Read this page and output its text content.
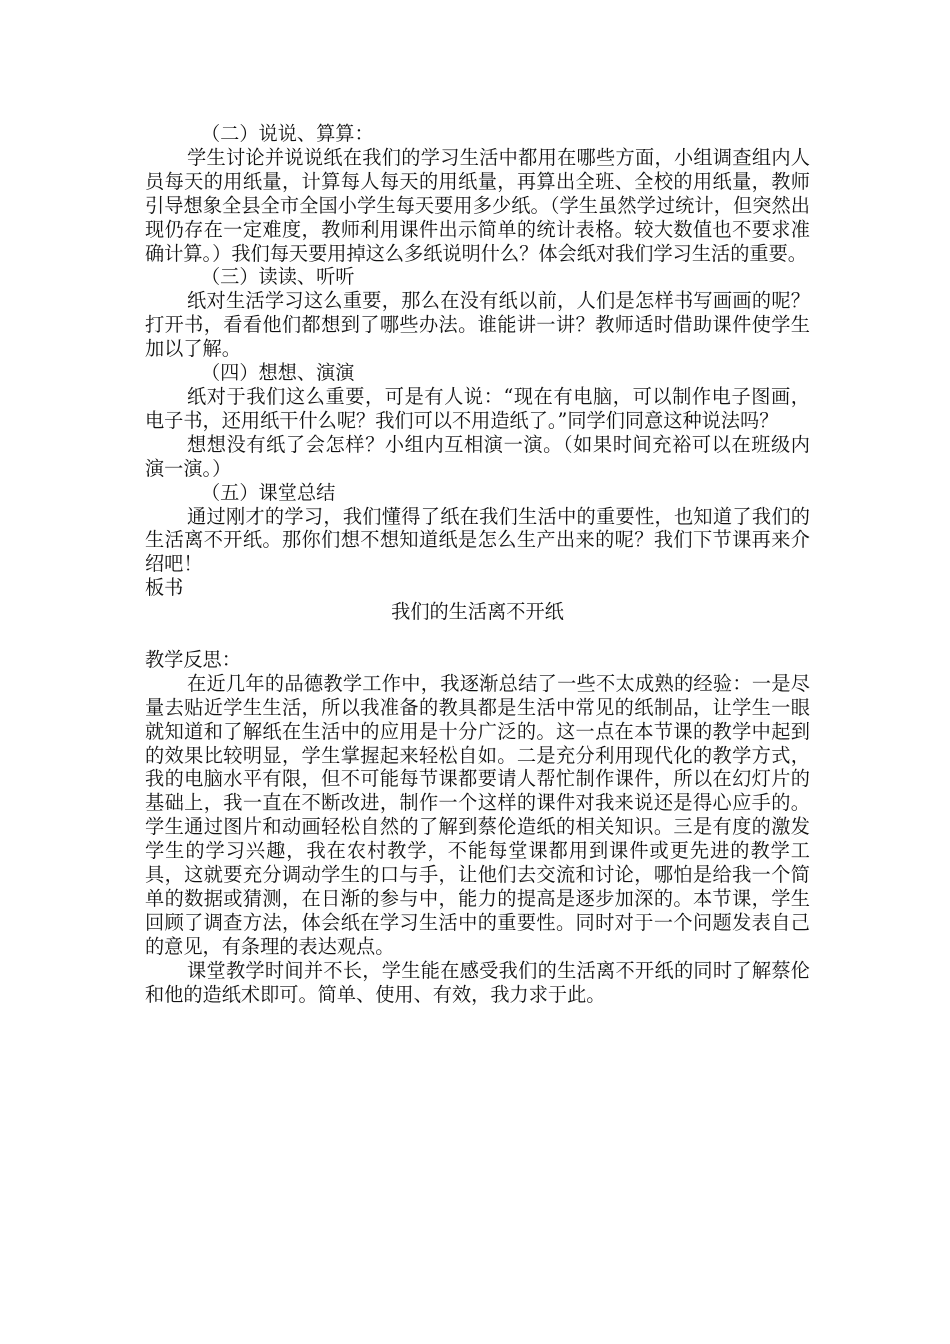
（二）说说、算算：

学生讨论并说说纸在我们的学习生活中都用在哪些方面，小组调查组内人员每天的用纸量，计算每人每天的用纸量，再算出全班、全校的用纸量，教师引导想象全县全市全国小学生每天要用多少纸。（学生虽然学过统计，但突然出现仍存在一定难度，教师利用课件出示简单的统计表格。较大数值也不要求准确计算。）我们每天要用掉这么多纸说明什么？体会纸对我们学习生活的重要。

（三）读读、听听

纸对生活学习这么重要，那么在没有纸以前，人们是怎样书写画画的呢？打开书，看看他们都想到了哪些办法。谁能讲一讲？教师适时借助课件使学生加以了解。

（四）想想、演演

纸对于我们这么重要，可是有人说：“现在有电脑，可以制作电子图画，电子书，还用纸干什么呢？我们可以不用造纸了。”同学们同意这种说法吗？

想想没有纸了会怎样？小组内互相演一演。（如果时间充裕可以在班级内演一演。）

（五）课堂总结

通过刚才的学习，我们懂得了纸在我们生活中的重要性，也知道了我们的生活离不开纸。那你们想不想知道纸是怎么生产出来的呢？我们下节课再来介绍吧！

板书

我们的生活离不开纸

教学反思：

在近几年的品德教学工作中，我逐渐总结了一些不太成熟的经验：一是尽量去贴近学生生活，所以我准备的教具都是生活中常见的纸制品，让学生一眼就知道和了解纸在生活中的应用是十分广泛的。这一点在本节课的教学中起到的效果比较明显，学生掌握起来轻松自如。二是充分利用现代化的教学方式，我的电脑水平有限，但不可能每节课都要请人帮忙制作课件，所以在幻灯片的基础上，我一直在不断改进，制作一个这样的课件对我来说还是得心应手的。学生通过图片和动画轻松自然的了解到蔡伦造纸的相关知识。三是有度的激发学生的学习兴趣，我在农村教学，不能每堂课都用到课件或更先进的教学工具，这就要充分调动学生的口与手，让他们去交流和讨论，哪怕是给我一个简单的数据或猜测，在日渐的参与中，能力的提高是逐步加深的。本节课，学生回顾了调查方法，体会纸在学习生活中的重要性。同时对于一个问题发表自己的意见，有条理的表达观点。

课堂教学时间并不长，学生能在感受我们的生活离不开纸的同时了解蔡伦和他的造纸术即可。简单、使用、有效，我力求于此。
